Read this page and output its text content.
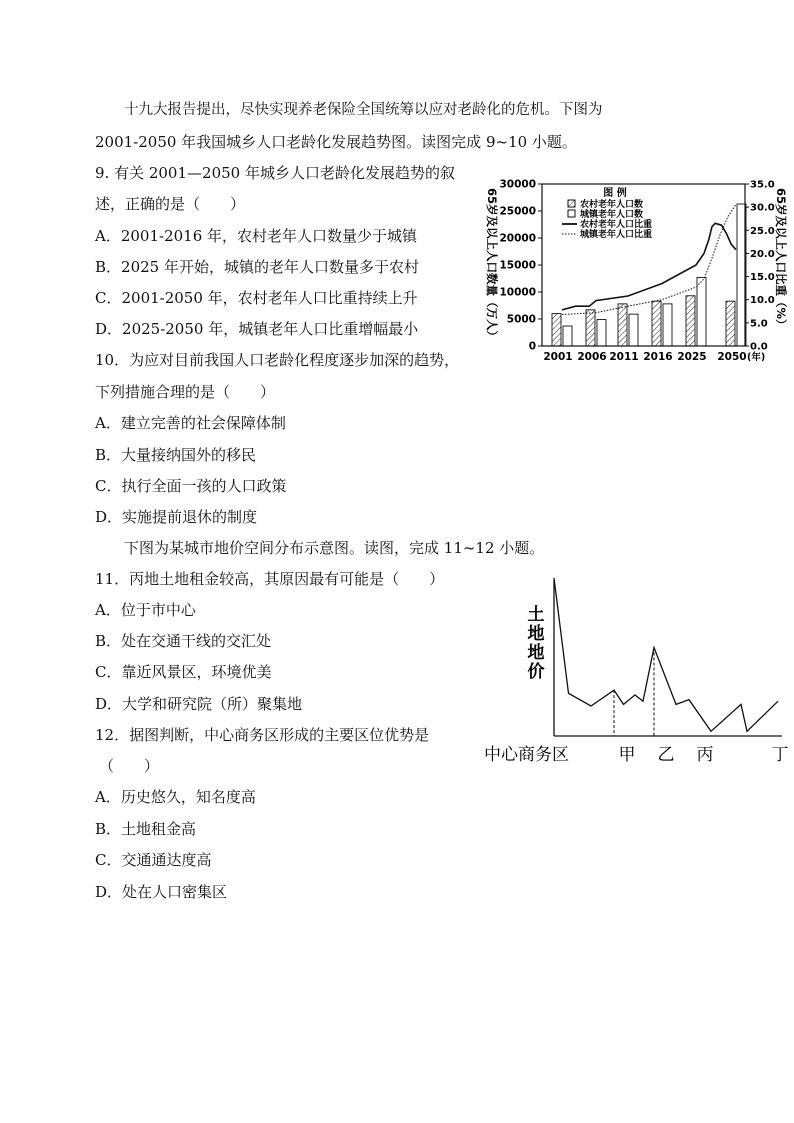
十九大报告提出，尽快实现养老保险全国统筹以应对老龄化的危机。下图为
2001-2050 年我国城乡人口老龄化发展趋势图。读图完成 9~10 小题。
9. 有关 2001—2050 年城乡人口老龄化发展趋势的叙
述，正确的是（　　）
A．2001-2016 年，农村老年人口数量少于城镇
B．2025 年开始，城镇的老年人口数量多于农村
C．2001-2050 年，农村老年人口比重持续上升
D．2025-2050 年，城镇老年人口比重增幅最小
10．为应对目前我国人口老龄化程度逐步加深的趋势，
下列措施合理的是（　　）
A．建立完善的社会保障体制
B．大量接纳国外的移民
C．执行全面一孩的人口政策
D．实施提前退休的制度
下图为某城市地价空间分布示意图。读图，完成 11~12 小题。
11．丙地土地租金较高，其原因最有可能是（　　）
A．位于市中心
B．处在交通干线的交汇处
C．靠近风景区，环境优美
D．大学和研究院（所）聚集地
12．据图判断，中心商务区形成的主要区位优势是
（　　）
A．历史悠久，知名度高
B．土地租金高
C．交通通达度高
D．处在人口密集区
0
5000
10000
15000
20000
25000
30000
0.0
5.0
10.0
15.0
20.0
25.0
30.0
35.0
2001 2006 2011 2016 2025 2050 (年)
65岁及以上人口数量（万人）	65岁及以上人口比重（%）
图 例
农村老年人口数
城镇老年人口数
农村老年人口比重
城镇老年人口比重
土
地
地
价
中心商务区	甲 乙 丙	丁
